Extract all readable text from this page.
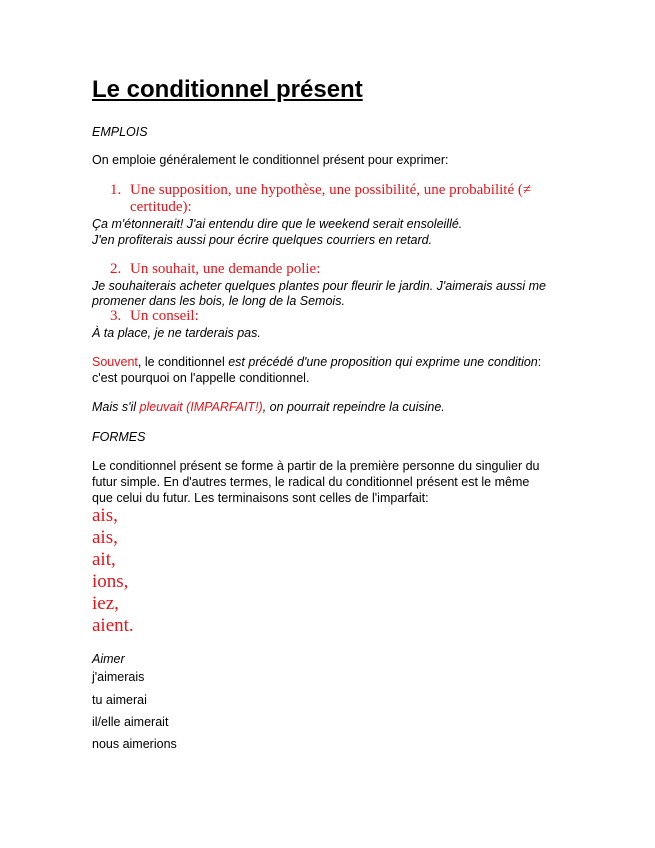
Le conditionnel présent

EMPLOIS

On emploie généralement le conditionnel présent pour exprimer:

1. Une supposition, une hypothèse, une possibilité, une probabilité (≠
certitude):

Ça m'étonnerait! J'ai entendu dire que le weekend serait ensoleillé.

J'en profiterais aussi pour écrire quelques courriers en retard.

2. Un souhait, une demande polie:

Je souhaiterais acheter quelques plantes pour fleurir le jardin. J'aimerais aussi me

promener dans les bois, le long de la Semois.

3. Un conseil:

À ta place, je ne tarderais pas.

Souvent, le conditionnel est précédé d'une proposition qui exprime une condition:

c'est pourquoi on l'appelle conditionnel.

Mais s'il pleuvait (IMPARFAIT!), on pourrait repeindre la cuisine.

FORMES

Le conditionnel présent se forme à partir de la première personne du singulier du

futur simple. En d'autres termes, le radical du conditionnel présent est le même

que celui du futur. Les terminaisons sont celles de l'imparfait:

ais,

ais,

ait,

ions,

iez,

aient.

Aimer

j'aimerais

tu aimerai

il/elle aimerait

nous aimerions
